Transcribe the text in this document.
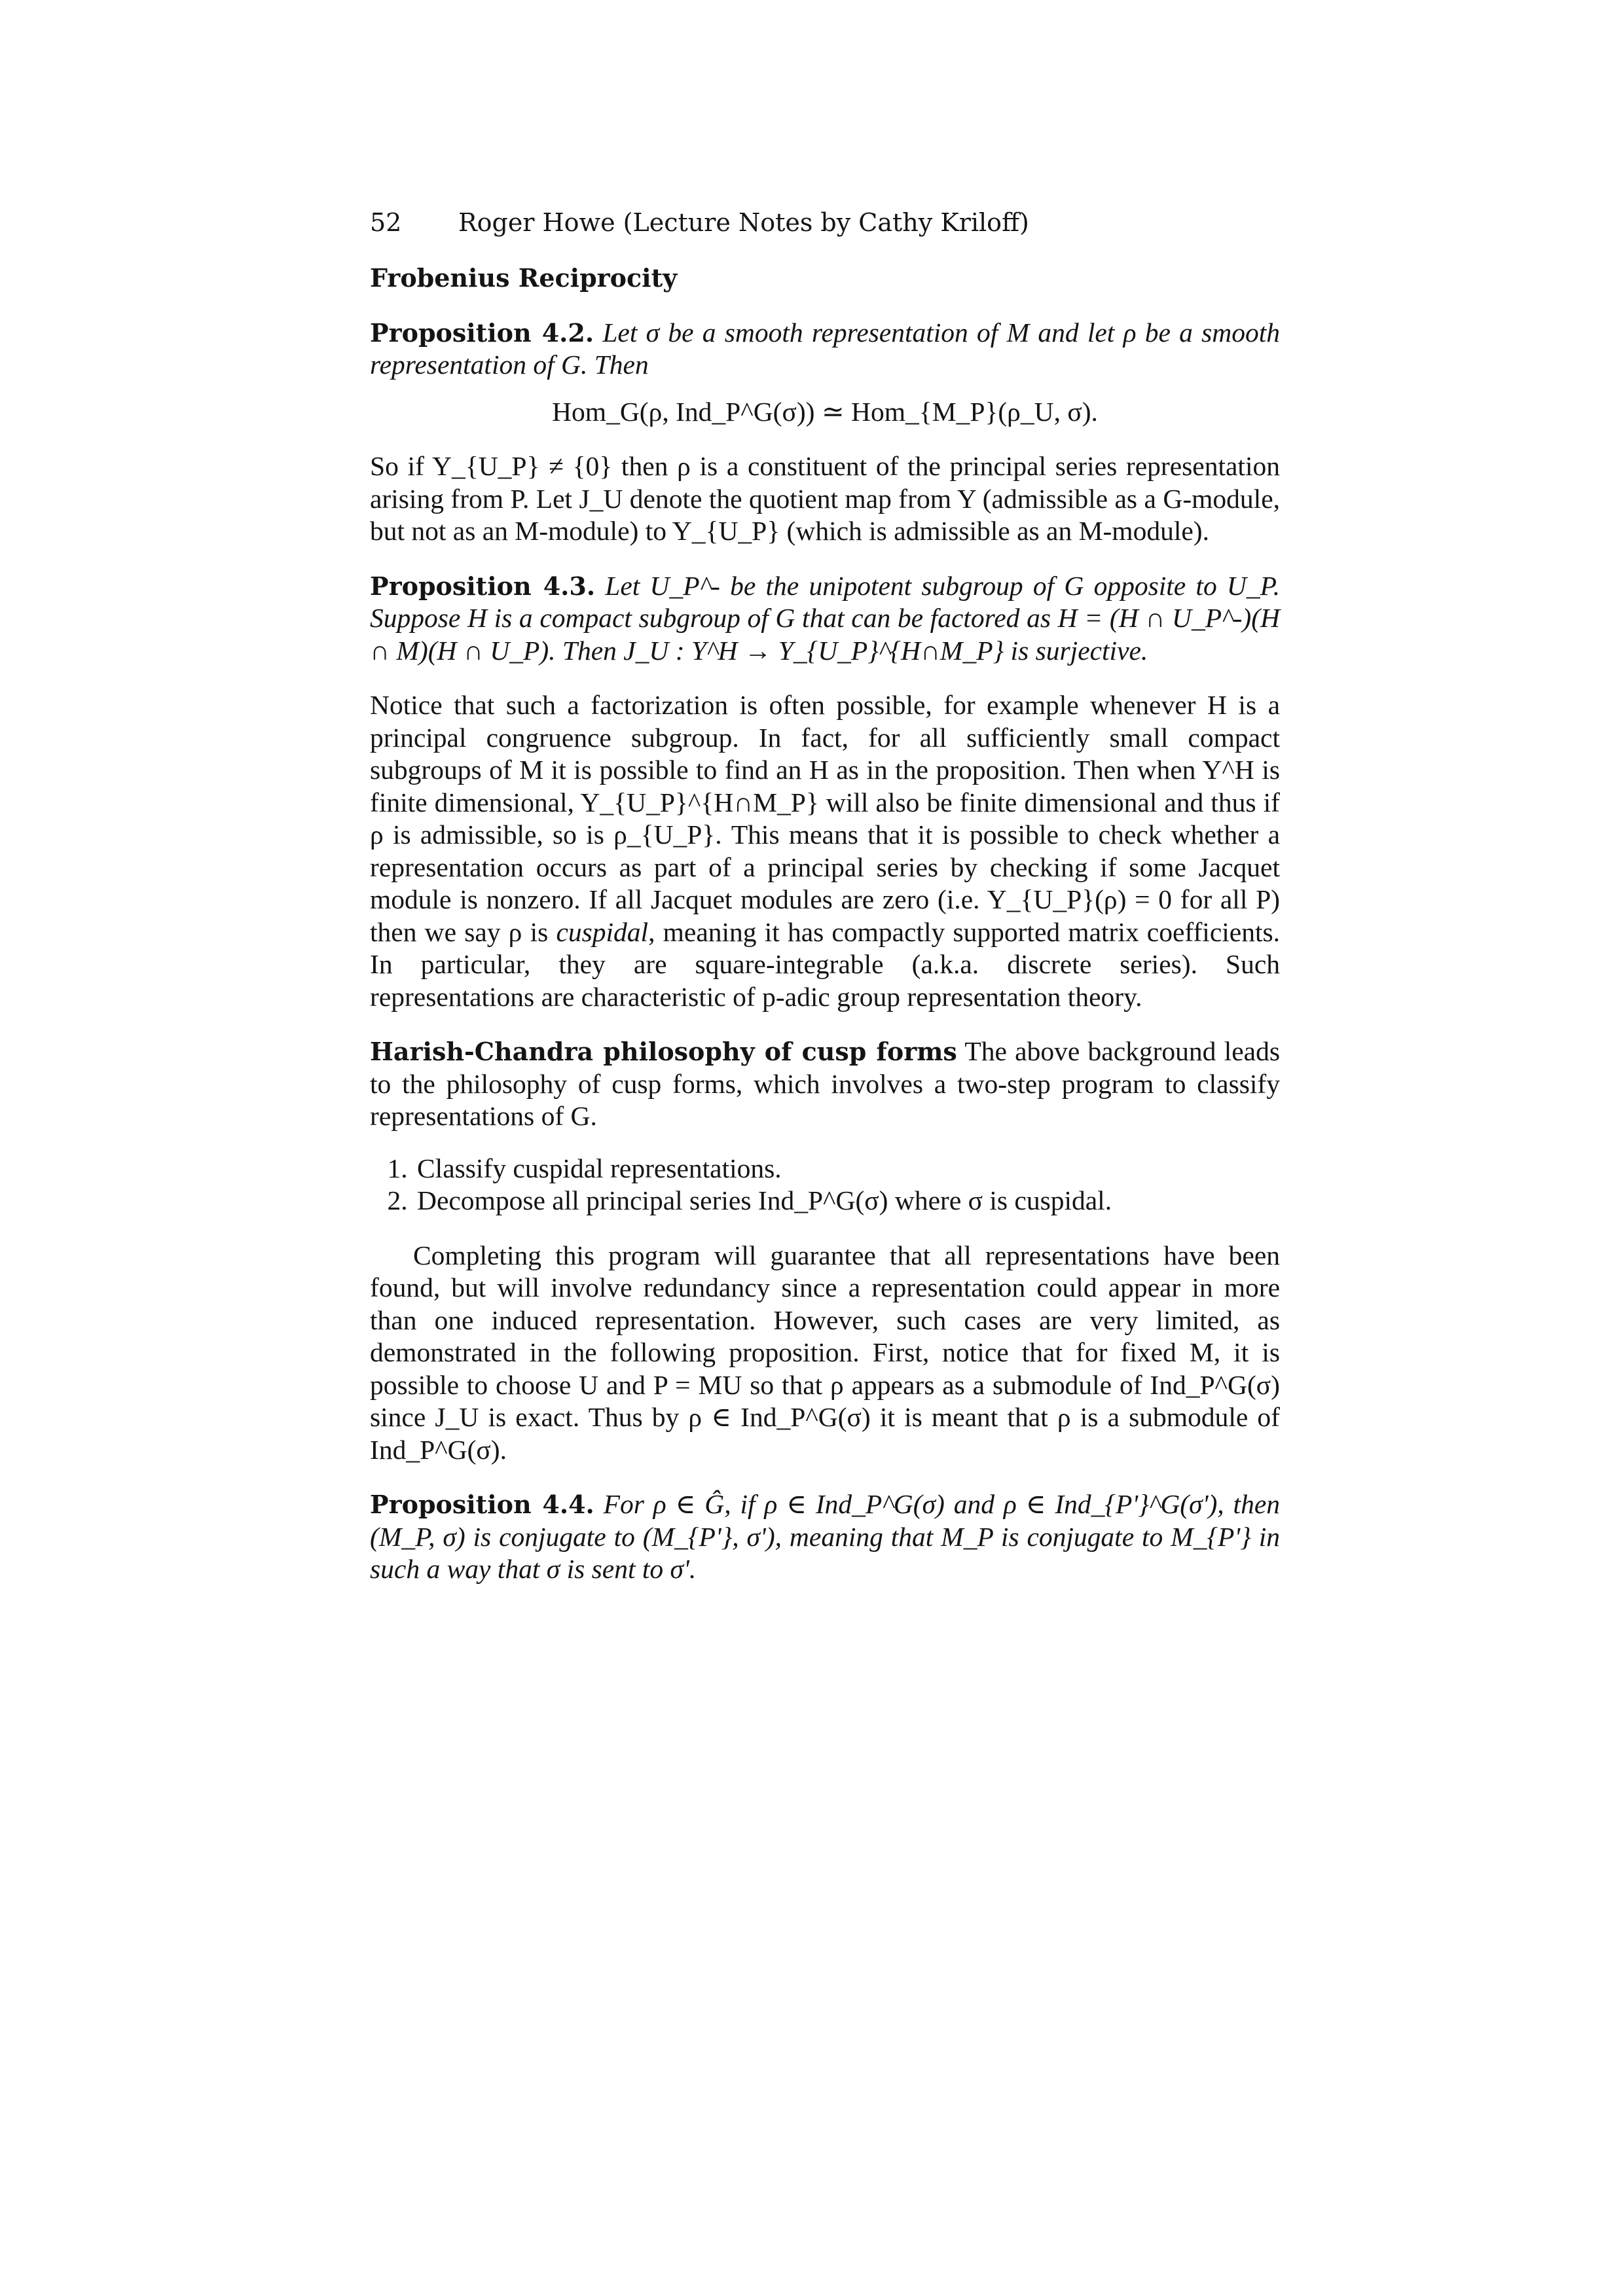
52 Roger Howe (Lecture Notes by Cathy Kriloff)
Frobenius Reciprocity

Proposition 4.2. Let σ be a smooth representation of M and let ρ be a smooth representation of G. Then

Hom_G(ρ, Ind_P^G(σ)) ≃ Hom_{M_P}(ρ_U, σ).

So if Y_{U_P} ≠ {0} then ρ is a constituent of the principal series representation arising from P. Let J_U denote the quotient map from Y (admissible as a G-module, but not as an M-module) to Y_{U_P} (which is admissible as an M-module).

Proposition 4.3. Let U_P^- be the unipotent subgroup of G opposite to U_P. Suppose H is a compact subgroup of G that can be factored as H = (H ∩ U_P^-)(H ∩ M)(H ∩ U_P). Then J_U : Y^H → Y_{U_P}^{H∩M_P} is surjective.

Notice that such a factorization is often possible, for example whenever H is a principal congruence subgroup. In fact, for all sufficiently small compact subgroups of M it is possible to find an H as in the proposition. Then when Y^H is finite dimensional, Y_{U_P}^{H∩M_P} will also be finite dimensional and thus if ρ is admissible, so is ρ_{U_P}. This means that it is possible to check whether a representation occurs as part of a principal series by checking if some Jacquet module is nonzero. If all Jacquet modules are zero (i.e. Y_{U_P}(ρ) = 0 for all P) then we say ρ is cuspidal, meaning it has compactly supported matrix coefficients. In particular, they are square-integrable (a.k.a. discrete series). Such representations are characteristic of p-adic group representation theory.

Harish-Chandra philosophy of cusp forms The above background leads to the philosophy of cusp forms, which involves a two-step program to classify representations of G.

1. Classify cuspidal representations.
2. Decompose all principal series Ind_P^G(σ) where σ is cuspidal.

Completing this program will guarantee that all representations have been found, but will involve redundancy since a representation could appear in more than one induced representation. However, such cases are very limited, as demonstrated in the following proposition. First, notice that for fixed M, it is possible to choose U and P = MU so that ρ appears as a submodule of Ind_P^G(σ) since J_U is exact. Thus by ρ ∈ Ind_P^G(σ) it is meant that ρ is a submodule of Ind_P^G(σ).

Proposition 4.4. For ρ ∈ Ĝ, if ρ ∈ Ind_P^G(σ) and ρ ∈ Ind_{P'}^G(σ'), then (M_P, σ) is conjugate to (M_{P'}, σ'), meaning that M_P is conjugate to M_{P'} in such a way that σ is sent to σ'.
